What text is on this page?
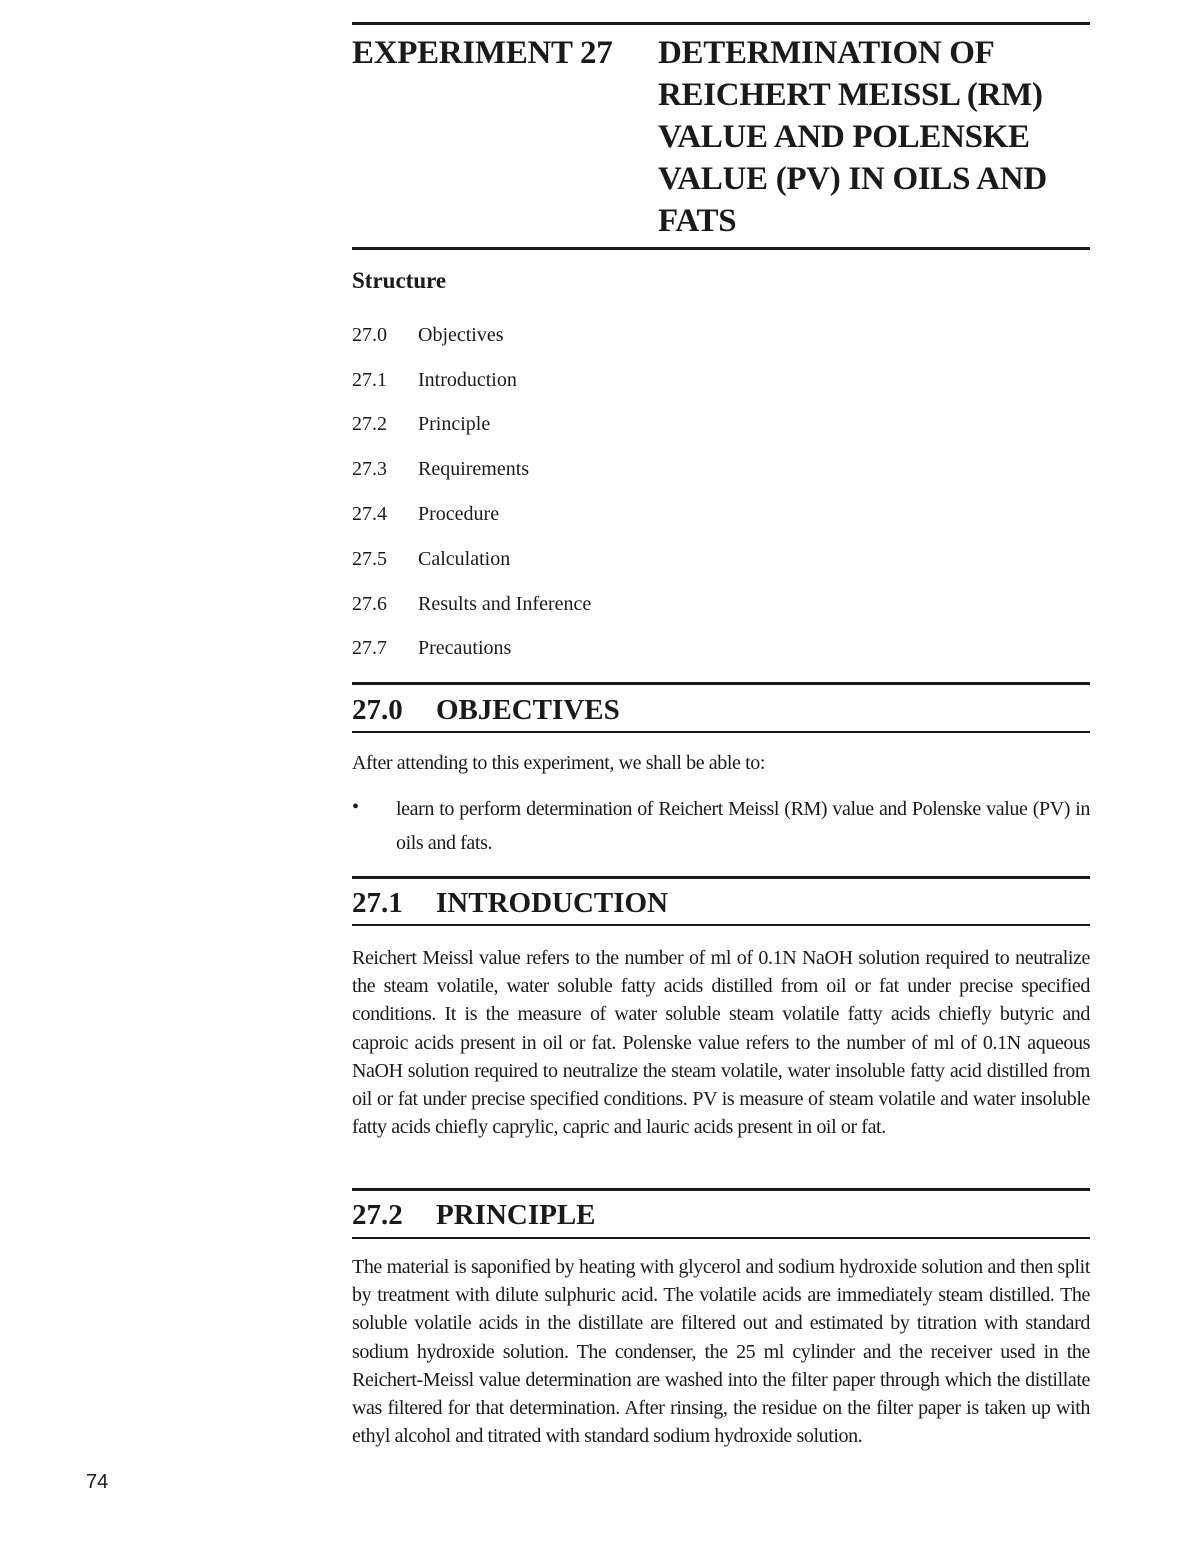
EXPERIMENT 27 DETERMINATION OF
REICHERT MEISSL (RM)
VALUE AND POLENSKE
VALUE (PV) IN OILS AND
FATS
Structure
27.0	Objectives
27.1	Introduction
27.2	Principle
27.3	Requirements
27.4	Procedure
27.5	Calculation
27.6	Results and Inference
27.7	Precautions
27.0 OBJECTIVES
After attending to this experiment, we shall be able to:
• learn to perform determination of Reichert Meissl (RM) value and Polenske value (PV) in oils and fats.
27.1 INTRODUCTION
Reichert Meissl value refers to the number of ml of 0.1N NaOH solution required to neutralize the steam volatile, water soluble fatty acids distilled from oil or fat under precise specified conditions. It is the measure of water soluble steam volatile fatty acids chiefly butyric and caproic acids present in oil or fat. Polenske value refers to the number of ml of 0.1N aqueous NaOH solution required to neutralize the steam volatile, water insoluble fatty acid distilled from oil or fat under precise specified conditions. PV is measure of steam volatile and water insoluble fatty acids chiefly caprylic, capric and lauric acids present in oil or fat.
27.2 PRINCIPLE
The material is saponified by heating with glycerol and sodium hydroxide solution and then split by treatment with dilute sulphuric acid. The volatile acids are immediately steam distilled. The soluble volatile acids in the distillate are filtered out and estimated by titration with standard sodium hydroxide solution. The condenser, the 25 ml cylinder and the receiver used in the Reichert-Meissl value determination are washed into the filter paper through which the distillate was filtered for that determination. After rinsing, the residue on the filter paper is taken up with ethyl alcohol and titrated with standard sodium hydroxide solution.
74
